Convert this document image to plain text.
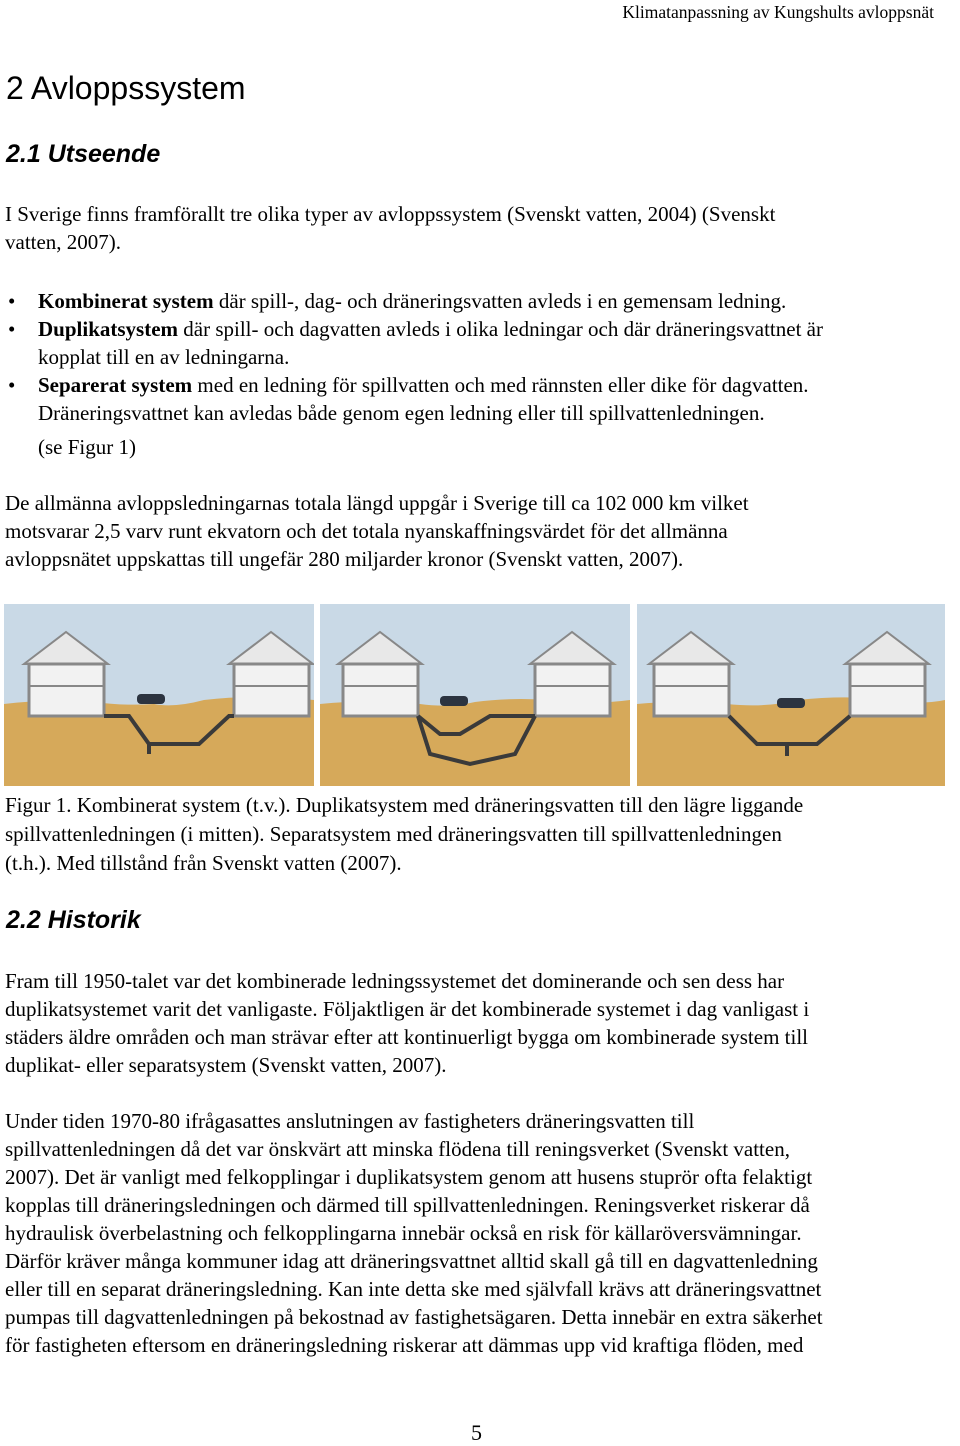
Klimatanpassning av Kungshults avloppsnät
2 Avloppssystem
2.1 Utseende
I Sverige finns framförallt tre olika typer av avloppssystem (Svenskt vatten, 2004) (Svenskt
vatten, 2007).
• Kombinerat system där spill-, dag- och dräneringsvatten avleds i en gemensam ledning.
• Duplikatsystem där spill- och dagvatten avleds i olika ledningar och där dräneringsvattnet är
kopplat till en av ledningarna.
• Separerat system med en ledning för spillvatten och med rännsten eller dike för dagvatten.
Dräneringsvattnet kan avledas både genom egen ledning eller till spillvattenledningen.
(se Figur 1)
De allmänna avloppsledningarnas totala längd uppgår i Sverige till ca 102 000 km vilket
motsvarar 2,5 varv runt ekvatorn och det totala nyanskaffningsvärdet för det allmänna
avloppsnätet uppskattas till ungefär 280 miljarder kronor (Svenskt vatten, 2007).
Figur 1. Kombinerat system (t.v.). Duplikatsystem med dräneringsvatten till den lägre liggande
spillvattenledningen (i mitten). Separatsystem med dräneringsvatten till spillvattenledningen
(t.h.). Med tillstånd från Svenskt vatten (2007).
2.2 Historik
Fram till 1950-talet var det kombinerade ledningssystemet det dominerande och sen dess har
duplikatsystemet varit det vanligaste. Följaktligen är det kombinerade systemet i dag vanligast i
städers äldre områden och man strävar efter att kontinuerligt bygga om kombinerade system till
duplikat- eller separatsystem (Svenskt vatten, 2007).
Under tiden 1970-80 ifrågasattes anslutningen av fastigheters dräneringsvatten till
spillvattenledningen då det var önskvärt att minska flödena till reningsverket (Svenskt vatten,
2007). Det är vanligt med felkopplingar i duplikatsystem genom att husens stuprör ofta felaktigt
kopplas till dräneringsledningen och därmed till spillvattenledningen. Reningsverket riskerar då
hydraulisk överbelastning och felkopplingarna innebär också en risk för källaröversvämningar.
Därför kräver många kommuner idag att dräneringsvattnet alltid skall gå till en dagvattenledning
eller till en separat dräneringsledning. Kan inte detta ske med självfall krävs att dräneringsvattnet
pumpas till dagvattenledningen på bekostnad av fastighetsägaren. Detta innebär en extra säkerhet
för fastigheten eftersom en dräneringsledning riskerar att dämmas upp vid kraftiga flöden, med
5
